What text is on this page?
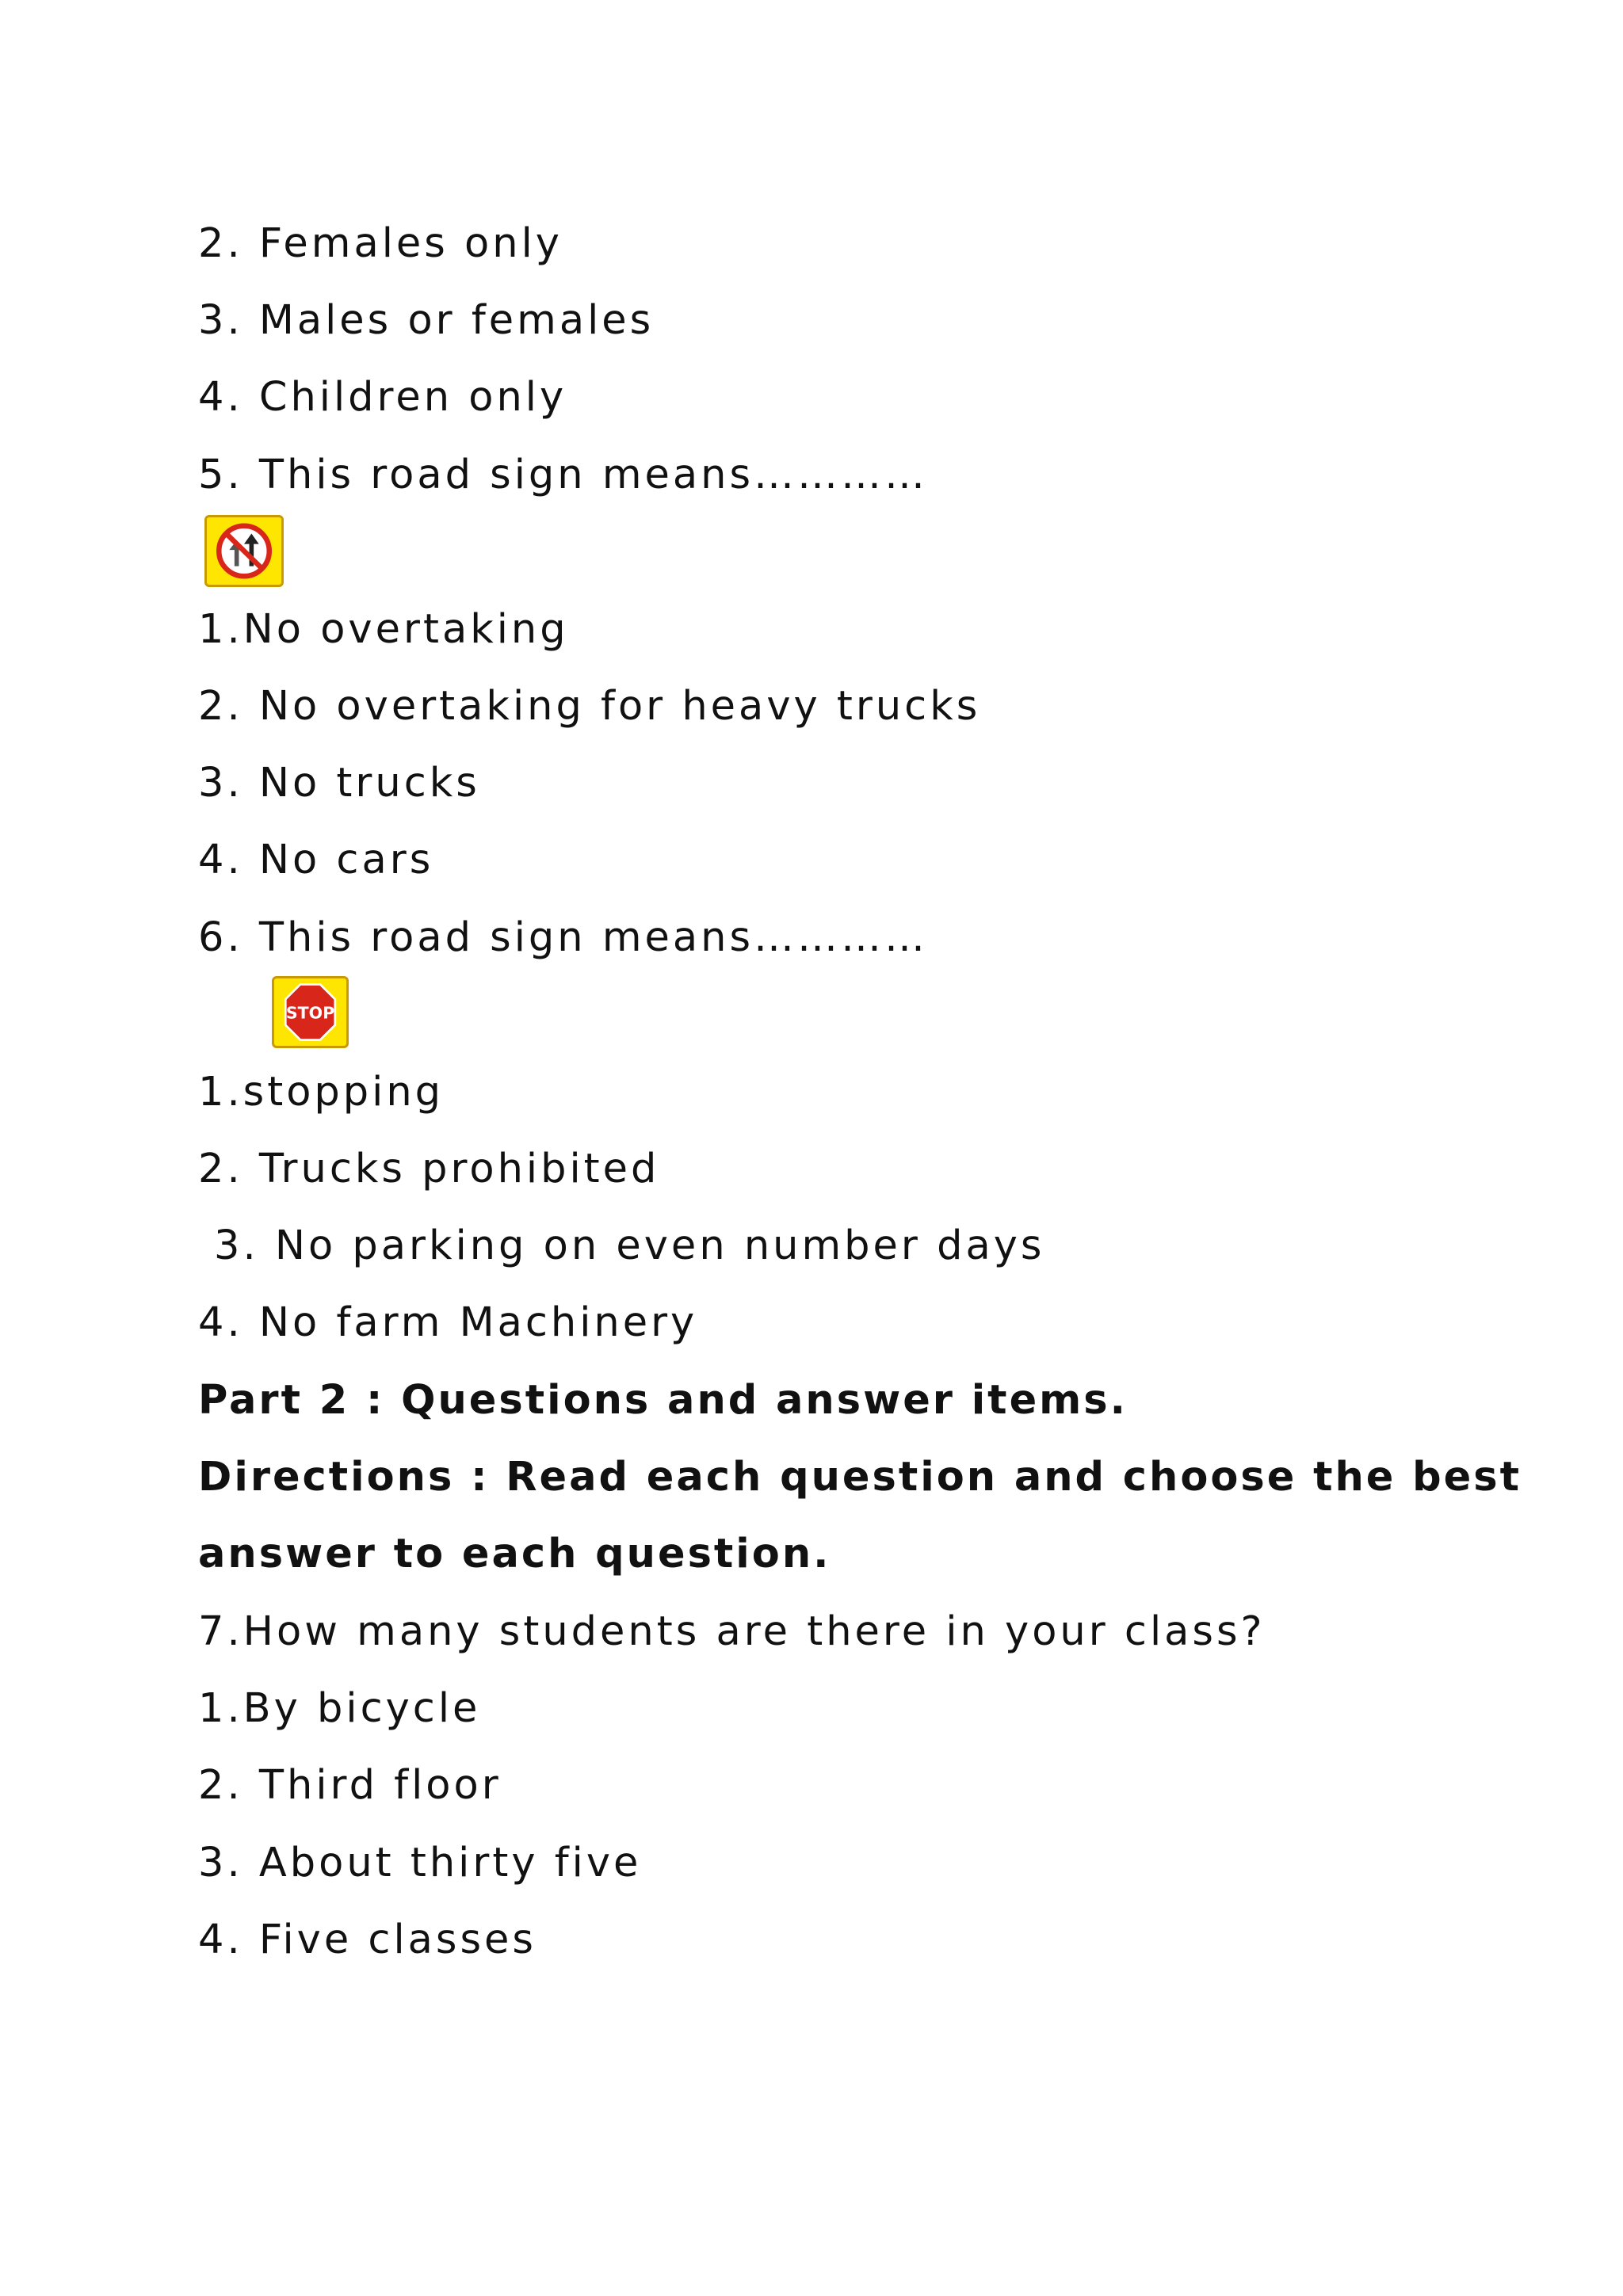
2. Females only
3. Males or females
4. Children only
5. This road sign means…………
1.No overtaking
2. No overtaking for heavy trucks
3. No trucks
4. No cars
6. This road sign means…………
STOP
1.stopping
2. Trucks prohibited
3. No parking on even number days
4. No farm Machinery
Part 2 : Questions and answer items.
Directions : Read each question and choose the best
answer to each question.
7.How many students are there in your class?
1.By bicycle
2. Third floor
3. About thirty five
4. Five classes
